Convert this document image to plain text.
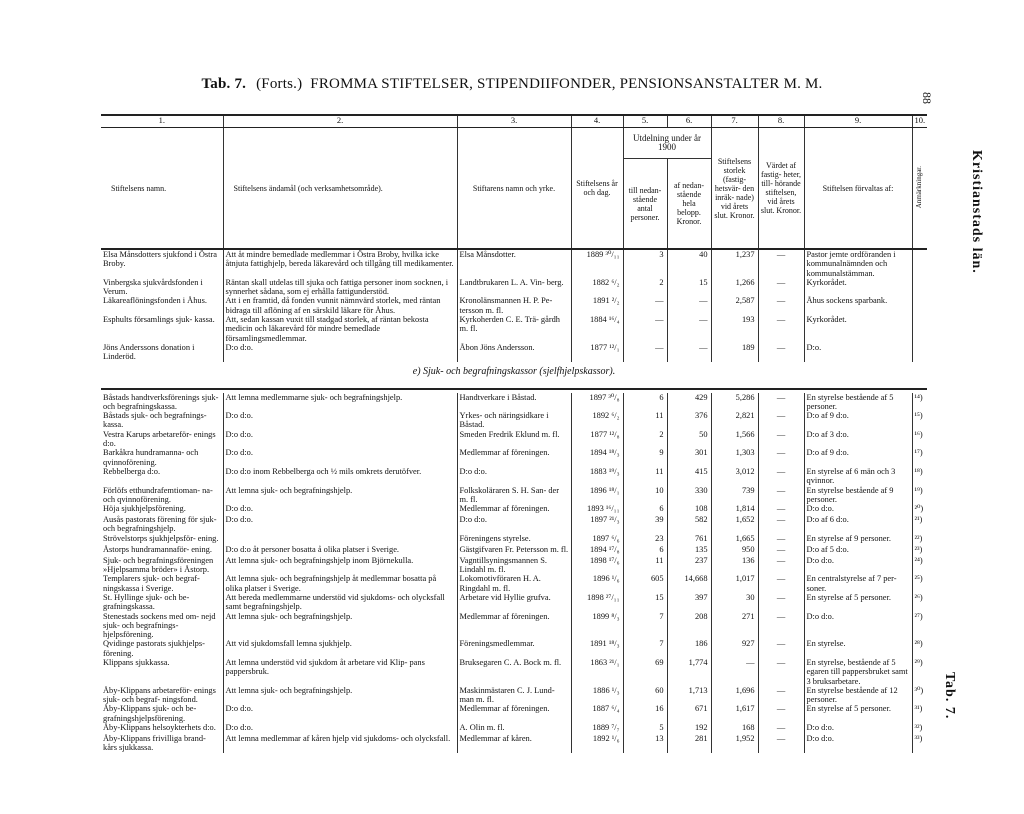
Tab. 7. (Forts.) FROMMA STIFTELSER, STIPENDIIFONDER, PENSIONSANSTALTER M. M.
88
Kristianstads län.
Tab. 7.
1.	2.	3.	4.	5.	6.	7.	8.	9.	10.
Stiftelsens namn.	Stiftelsens ändamål (och verksamhetsområde).	Stiftarens namn och yrke.	Stiftelsens år och dag.	Utdelning under år 1900		Stiftelsens storlek (fastig- hetsvär- den inräk- nade) vid årets slut. Kronor.	Värdet af fastig- heter, till- hörande stiftelsen, vid årets slut. Kronor.	Stiftelsen förvaltas af:	Anmärkningar.
				till nedan- stående antal personer.	af nedan- stående hela belopp. Kronor.				
Elsa Månsdotters sjukfond i Östra Broby.	Att åt mindre bemedlade medlemmar i Östra Broby, hvilka icke åtnjuta fattighjelp, bereda läkarevård och tillgång till medikamenter.	Elsa Månsdotter.	1889 ³⁰/₁₁	3	40	1,237	—	Pastor jemte ordföranden i kommunalnämnden och kommunalstämman.	
Vinbergska sjukvårdsfonden i Verum.	Räntan skall utdelas till sjuka och fattiga personer inom socknen, i synnerhet sådana, som ej erhålla fattigunderstöd.	Landtbrukaren L. A. Vin- berg.	1882 ⁶/₂	2	15	1,266	—	Kyrkorådet.	
Läkareaflöningsfonden i Åhus.	Att i en framtid, då fonden vunnit nämnvärd storlek, med räntan bidraga till aflöning af en särskild läkare för Åhus.	Kronolänsmannen H. P. Pe- tersson m. fl.	1891 ²/₂	—	—	2,587	—	Åhus sockens sparbank.	
Esphults församlings sjuk- kassa.	Att, sedan kassan vuxit till stadgad storlek, af räntan bekosta medicin och läkarevård för mindre bemedlade församlingsmedlemmar.	Kyrkoherden C. E. Trä- gårdh m. fl.	1884 ¹⁶/₄	—	—	193	—	Kyrkorådet.	
Jöns Anderssons donation i Linderöd.	D:o d:o.	Åbon Jöns Andersson.	1877 ¹²/₁	—	—	189	—	D:o.	
e) Sjuk- och begrafningskassor (sjelfhjelpskassor).									

Båstads handtverksförenings sjuk- och begrafningskassa.	Att lemna medlemmarne sjuk- och begrafningshjelp.	Handtverkare i Båstad.	1897 ³⁰/₈	6	429	5,286	—	En styrelse bestående af 5 personer.	¹⁴)
Båstads sjuk- och begrafnings- kassa.	D:o d:o.	Yrkes- och näringsidkare i Båstad.	1892 ⁶/₂	11	376	2,821	—	D:o af 9 d:o.	¹⁵)
Vestra Karups arbetareför- enings d:o.	D:o d:o.	Smeden Fredrik Eklund m. fl.	1877 ¹²/₈	2	50	1,566	—	D:o af 3 d:o.	¹⁶)
Barkåkra hundramanna- och qvinnoförening.	D:o d:o.	Medlemmar af föreningen.	1894 ¹⁸/₃	9	301	1,303	—	D:o af 9 d:o.	¹⁷)
Rebbelberga d:o.	D:o d:o inom Rebbelberga och ½ mils omkrets derutöfver.	D:o d:o.	1883 ¹⁹/₃	11	415	3,012	—	En styrelse af 6 män och 3 qvinnor.	¹⁸)
Förlöfs etthundrafemtioman- na- och qvinnoförening.	Att lemna sjuk- och begrafningshjelp.	Folkskoläraren S. H. San- der m. fl.	1896 ¹⁸/₁	10	330	739	—	En styrelse bestående af 9 personer.	¹⁹)
Höja sjukhjelpsförening.	D:o d:o.	Medlemmar af föreningen.	1893 ¹⁶/₁₁	6	108	1,814	—	D:o d:o.	²⁰)
Ausås pastorats förening för sjuk- och begrafningshjelp.	D:o d:o.	D:o d:o.	1897 ²¹/₃	39	582	1,652	—	D:o af 6 d:o.	²¹)
Strövelstorps sjukhjelpsför- ening.		Föreningens styrelse.	1897 ⁶/₆	23	761	1,665	—	En styrelse af 9 personer.	²²)
Åstorps hundramannaför- ening.	D:o d:o åt personer bosatta å olika platser i Sverige.	Gästgifvaren Fr. Petersson m. fl.	1894 ¹⁷/₈	6	135	950	—	D:o af 5 d:o.	²³)
Sjuk- och begrafningsföreningen »Hjelpsamma bröder» i Åstorp.	Att lemna sjuk- och begrafningshjelp inom Björnekulla.	Vagntillsyningsmannen S. Lindahl m. fl.	1898 ¹⁷/₆	11	237	136	—	D:o d:o.	²⁴)
Templarers sjuk- och begraf- ningskassa i Sverige.	Att lemna sjuk- och begrafningshjelp åt medlemmar bosatta på olika platser i Sverige.	Lokomotivföraren H. A. Ringdahl m. fl.	1896 ¹/₆	605	14,668	1,017	—	En centralstyrelse af 7 per- soner.	²⁵)
St. Hyllinge sjuk- och be- grafningskassa.	Att bereda medlemmarne understöd vid sjukdoms- och olycksfall samt begrafningshjelp.	Arbetare vid Hyllie grufva.	1898 ²⁷/₁₁	15	397	30	—	En styrelse af 5 personer.	²⁶)
Stenestads sockens med om- nejd sjuk- och begrafnings- hjelpsförening.	Att lemna sjuk- och begrafningshjelp.	Medlemmar af föreningen.	1899 ⁸/₃	7	208	271	—	D:o d:o.	²⁷)
Qvidinge pastorats sjukhjelps- förening.	Att vid sjukdomsfall lemna sjukhjelp.	Föreningsmedlemmar.	1891 ¹⁸/₃	7	186	927	—	En styrelse.	²⁸)
Klippans sjukkassa.	Att lemna understöd vid sjukdom åt arbetare vid Klip- pans pappersbruk.	Bruksegaren C. A. Bock m. fl.	1863 ²¹/₁	69	1,774	—	—	En styrelse, bestående af 5 egaren till pappersbruket samt 3 bruksarbetare.	²⁹)
Åby-Klippans arbetareför- enings sjuk- och begraf- ningsfond.	Att lemna sjuk- och begrafningshjelp.	Maskinmästaren C. J. Lund- man m. fl.	1886 ¹/₃	60	1,713	1,696	—	En styrelse bestående af 12 personer.	³⁰)
Åby-Klippans sjuk- och be- grafningshjelpsförening.	D:o d:o.	Medlemmar af föreningen.	1887 ⁶/₄	16	671	1,617	—	En styrelse af 5 personer.	³¹)
Åby-Klippans helsoykterhets d:o.	D:o d:o.	A. Olin m. fl.	1889 ⁷/₇	5	192	168	—	D:o d:o.	³²)
Åby-Klippans frivilliga brand- kårs sjukkassa.	Att lemna medlemmar af kåren hjelp vid sjukdoms- och olycksfall.	Medlemmar af kåren.	1892 ¹/₆	13	281	1,952	—	D:o d:o.	³³)
